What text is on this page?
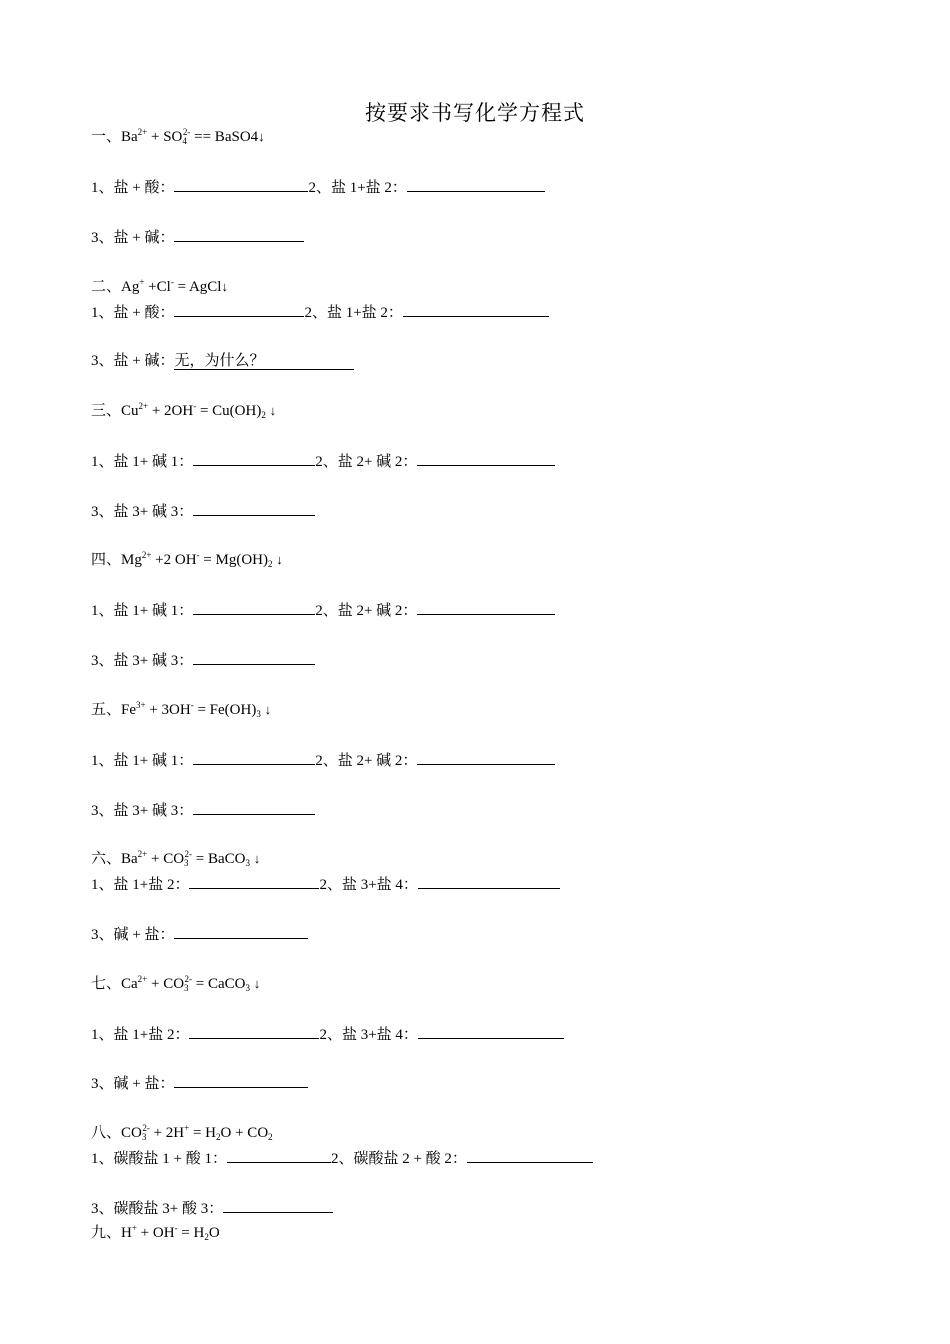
按要求书写化学方程式
一、$Ba^{2+} + SO_4^{2-}$ == BaSO4↓
1、盐 + 酸：	2、盐 1+盐 2：
3、盐 + 碱：
二、Ag+ +Cl- = AgCl↓
1、盐 + 酸：	2、盐 1+盐 2：
3、盐 + 碱：无，为什么？
三、$Cu^{2+} + 2OH^- = Cu(OH)_2$ ↓
1、盐 1+ 碱 1：	2、盐 2+ 碱 2：
3、盐 3+ 碱 3：
四、$Mg^{2+} +2$ $OH^- = Mg(OH)_2$ ↓
1、盐 1+ 碱 1：	2、盐 2+ 碱 2：
3、盐 3+ 碱 3：
五、$Fe^{3+} + 3OH^- = Fe(OH)_3$ ↓
1、盐 1+ 碱 1：	2、盐 2+ 碱 2：
3、盐 3+ 碱 3：
六、$Ba^{2+} + CO_3^{2-}$ = BaCO$_3$ ↓
1、盐 1+盐 2：	2、盐 3+盐 4：
3、碱 + 盐：
七、$Ca^{2+} + CO_3^{2-}$ = CaCO$_3$ ↓
1、盐 1+盐 2：	2、盐 3+盐 4：
3、碱 + 盐：
八、$CO_3^{2-} + 2H^+ = H_2O + CO_2$
1、碳酸盐 1 + 酸 1：	2、碳酸盐 2 + 酸 2：
3、碳酸盐 3+ 酸 3：
九、$H^+ + OH^- = H_2O$
